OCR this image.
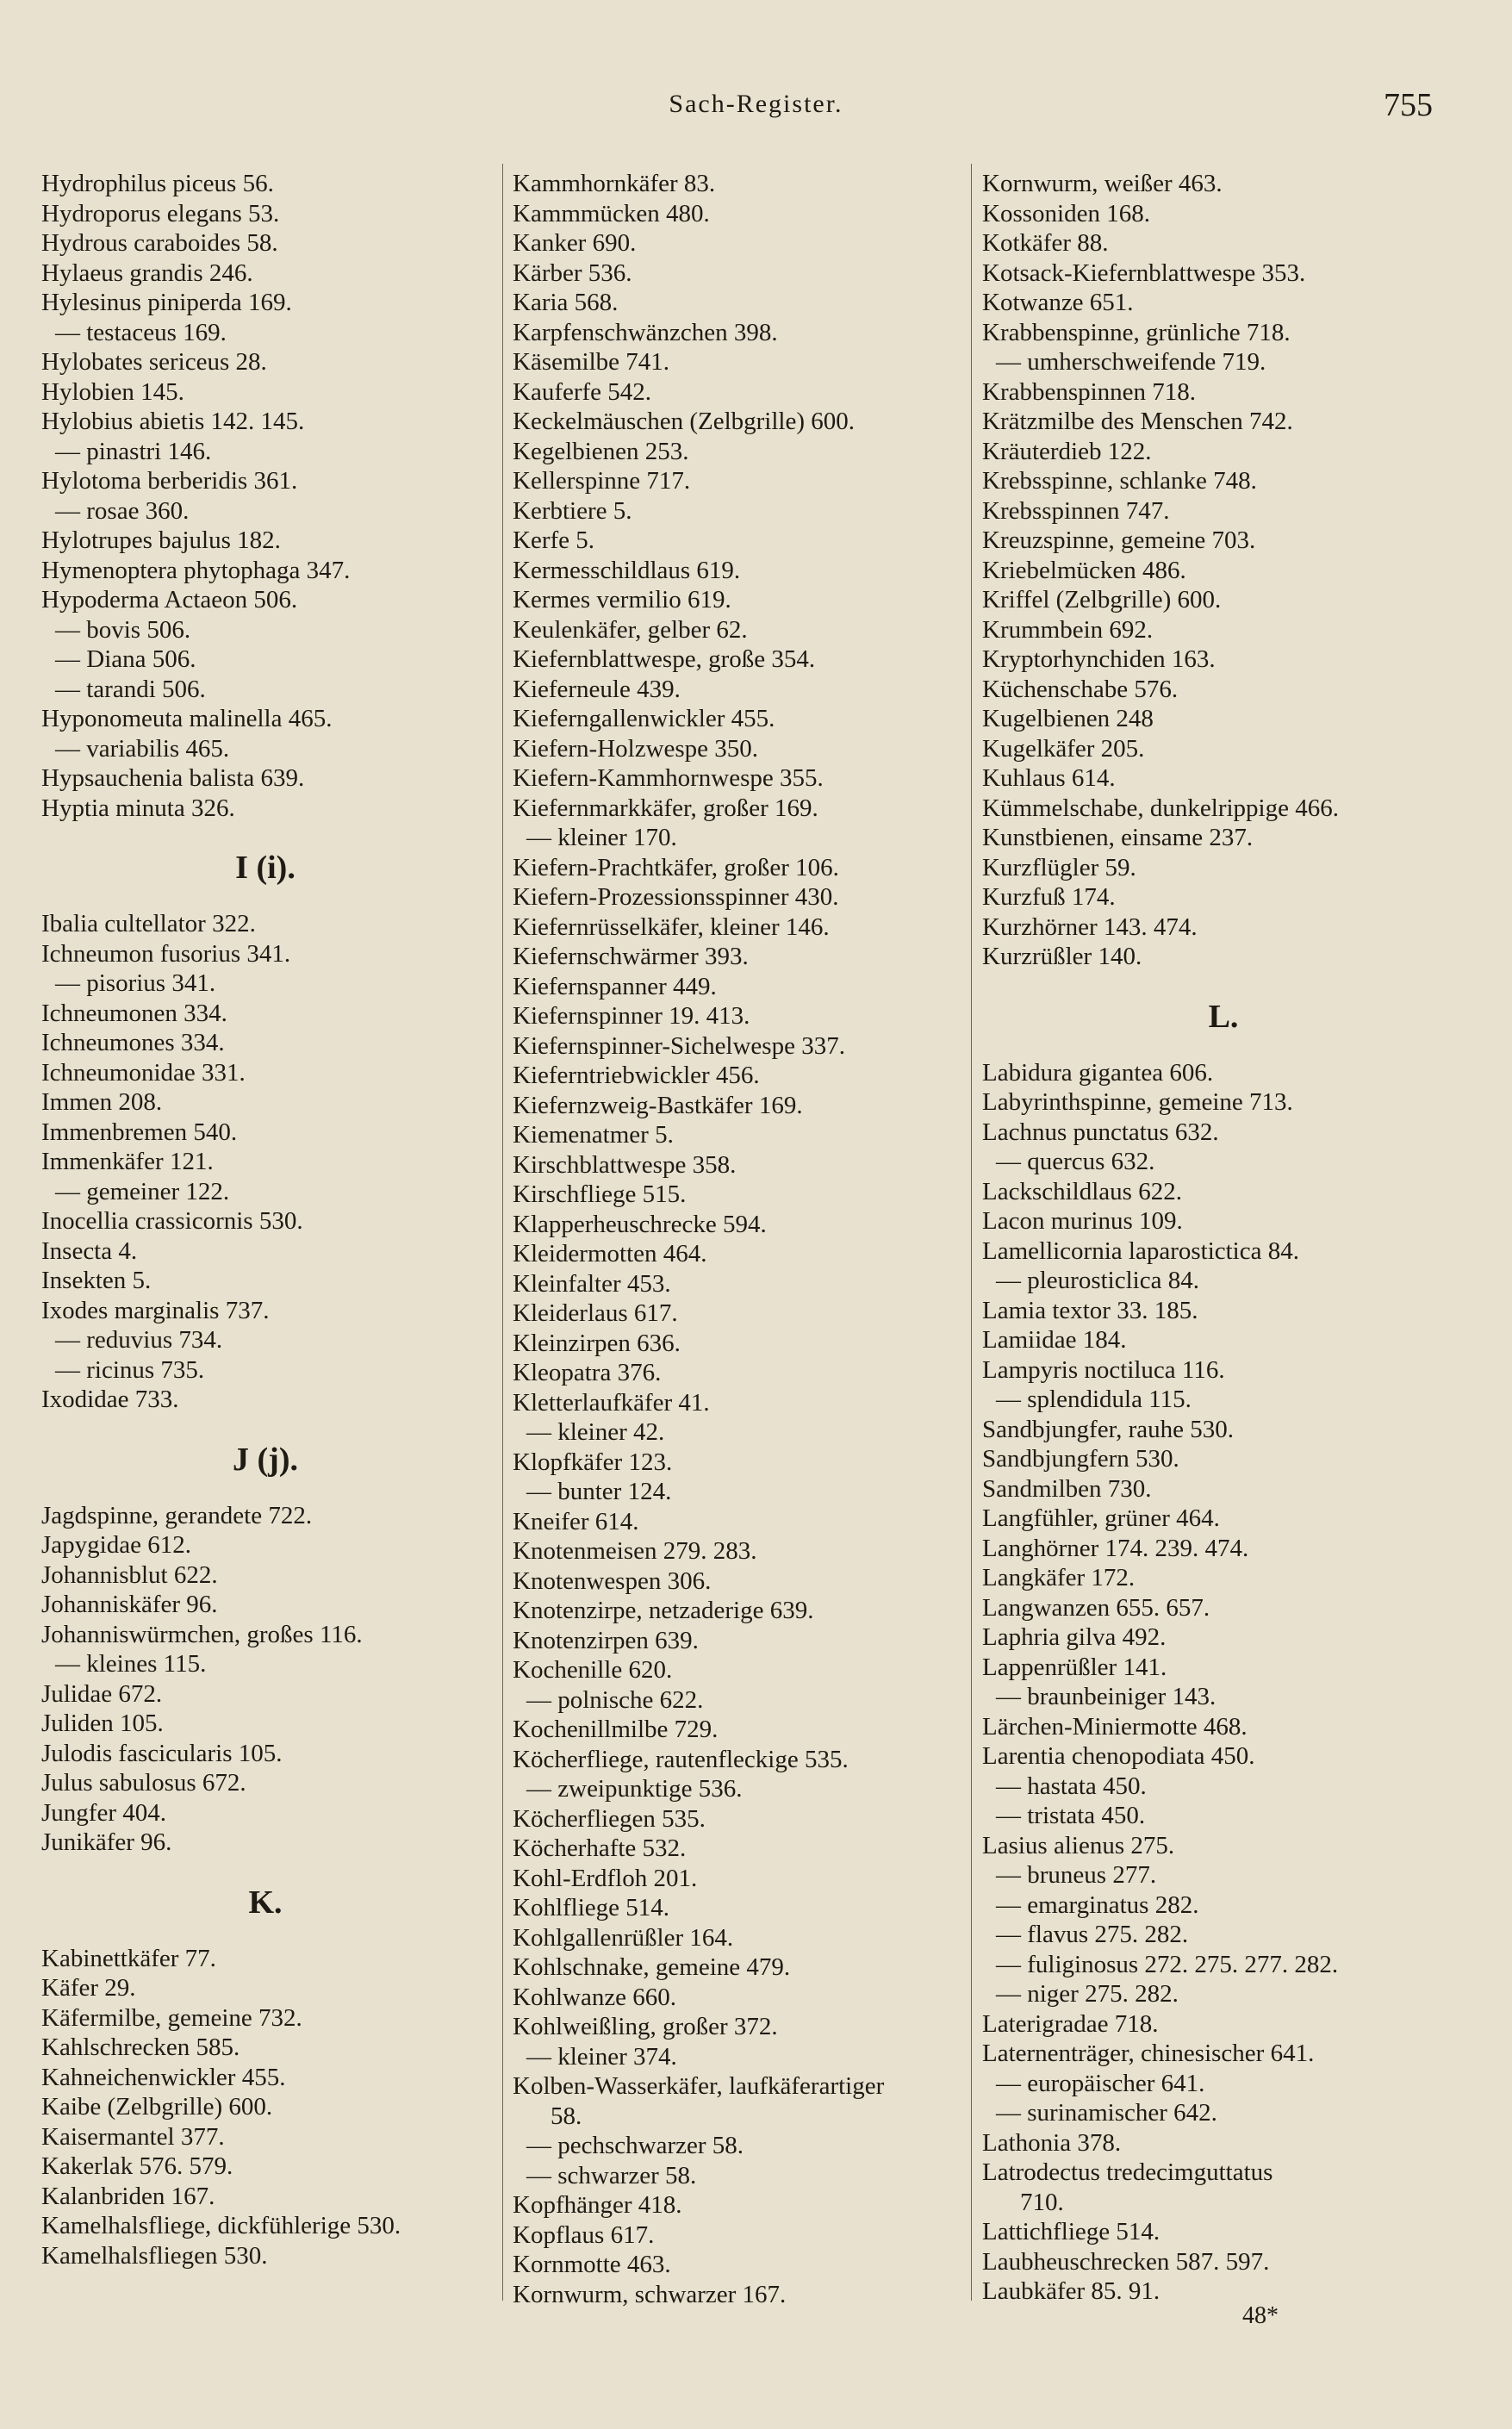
Sach-Register.	755
Hydrophilus piceus 56.
Hydroporus elegans 53.
Hydrous caraboides 58.
Hylaeus grandis 246.
Hylesinus piniperda 169.
— testaceus 169.
Hylobates sericeus 28.
Hylobien 145.
Hylobius abietis 142. 145.
— pinastri 146.
Hylotoma berberidis 361.
— rosae 360.
Hylotrupes bajulus 182.
Hymenoptera phytophaga 347.
Hypoderma Actaeon 506.
— bovis 506.
— Diana 506.
— tarandi 506.
Hyponomeuta malinella 465.
— variabilis 465.
Hypsauchenia balista 639.
Hyptia minuta 326.
I (i).
Ibalia cultellator 322.
Ichneumon fusorius 341.
— pisorius 341.
Ichneumonen 334.
Ichneumones 334.
Ichneumonidae 331.
Immen 208.
Immenbremen 540.
Immenkäfer 121.
— gemeiner 122.
Inocellia crassicornis 530.
Insecta 4.
Insekten 5.
Ixodes marginalis 737.
— reduvius 734.
— ricinus 735.
Ixodidae 733.
J (j).
Jagdspinne, gerandete 722.
Japygidae 612.
Johannisblut 622.
Johanniskäfer 96.
Johanniswürmchen, großes 116.
— kleines 115.
Julidae 672.
Juliden 105.
Julodis fascicularis 105.
Julus sabulosus 672.
Jungfer 404.
Junikäfer 96.
K.
Kabinettkäfer 77.
Käfer 29.
Käfermilbe, gemeine 732.
Kahlschrecken 585.
Kahneichenwickler 455.
Kaibe (Zelbgrille) 600.
Kaisermantel 377.
Kakerlak 576. 579.
Kalanbriden 167.
Kamelhalsfliege, dickfühlerige 530.
Kamelhalsfliegen 530.
Kammhornkäfer 83.
Kammmücken 480.
Kanker 690.
Kärber 536.
Karia 568.
Karpfenschwänzchen 398.
Käsemilbe 741.
Kauferfe 542.
Keckelmäuschen (Zelbgrille) 600.
Kegelbienen 253.
Kellerspinne 717.
Kerbtiere 5.
Kerfe 5.
Kermesschildlaus 619.
Kermes vermilio 619.
Keulenkäfer, gelber 62.
Kiefernblattwespe, große 354.
Kieferneule 439.
Kieferngallenwickler 455.
Kiefern-Holzwespe 350.
Kiefern-Kammhornwespe 355.
Kiefernmarkkäfer, großer 169.
— kleiner 170.
Kiefern-Prachtkäfer, großer 106.
Kiefern-Prozessionsspinner 430.
Kiefernrüsselkäfer, kleiner 146.
Kiefernschwärmer 393.
Kiefernspanner 449.
Kiefernspinner 19. 413.
Kiefernspinner-Sichelwespe 337.
Kieferntriebwickler 456.
Kiefernzweig-Bastkäfer 169.
Kiemenatmer 5.
Kirschblattwespe 358.
Kirschfliege 515.
Klapperheuschrecke 594.
Kleidermotten 464.
Kleinfalter 453.
Kleiderlaus 617.
Kleinzirpen 636.
Kleopatra 376.
Kletterlaufkäfer 41.
— kleiner 42.
Klopfkäfer 123.
— bunter 124.
Kneifer 614.
Knotenmeisen 279. 283.
Knotenwespen 306.
Knotenzirpe, netzaderige 639.
Knotenzirpen 639.
Kochenille 620.
— polnische 622.
Kochenillmilbe 729.
Köcherfliege, rautenfleckige 535.
— zweipunktige 536.
Köcherfliegen 535.
Köcherhafte 532.
Kohl-Erdfloh 201.
Kohlfliege 514.
Kohlgallenrüßler 164.
Kohlschnake, gemeine 479.
Kohlwanze 660.
Kohlweißling, großer 372.
— kleiner 374.
Kolben-Wasserkäfer, laufkäferartiger
58.
— pechschwarzer 58.
— schwarzer 58.
Kopfhänger 418.
Kopflaus 617.
Kornmotte 463.
Kornwurm, schwarzer 167.
Kornwurm, weißer 463.
Kossoniden 168.
Kotkäfer 88.
Kotsack-Kiefernblattwespe 353.
Kotwanze 651.
Krabbenspinne, grünliche 718.
— umherschweifende 719.
Krabbenspinnen 718.
Krätzmilbe des Menschen 742.
Kräuterdieb 122.
Krebsspinne, schlanke 748.
Krebsspinnen 747.
Kreuzspinne, gemeine 703.
Kriebelmücken 486.
Kriffel (Zelbgrille) 600.
Krummbein 692.
Kryptorhynchiden 163.
Küchenschabe 576.
Kugelbienen 248
Kugelkäfer 205.
Kuhlaus 614.
Kümmelschabe, dunkelrippige 466.
Kunstbienen, einsame 237.
Kurzflügler 59.
Kurzfuß 174.
Kurzhörner 143. 474.
Kurzrüßler 140.
L.
Labidura gigantea 606.
Labyrinthspinne, gemeine 713.
Lachnus punctatus 632.
— quercus 632.
Lackschildlaus 622.
Lacon murinus 109.
Lamellicornia laparostictica 84.
— pleurosticlica 84.
Lamia textor 33. 185.
Lamiidae 184.
Lampyris noctiluca 116.
— splendidula 115.
Sandbjungfer, rauhe 530.
Sandbjungfern 530.
Sandmilben 730.
Langfühler, grüner 464.
Langhörner 174. 239. 474.
Langkäfer 172.
Langwanzen 655. 657.
Laphria gilva 492.
Lappenrüßler 141.
— braunbeiniger 143.
Lärchen-Miniermotte 468.
Larentia chenopodiata 450.
— hastata 450.
— tristata 450.
Lasius alienus 275.
— bruneus 277.
— emarginatus 282.
— flavus 275. 282.
— fuliginosus 272. 275. 277. 282.
— niger 275. 282.
Laterigradae 718.
Laternenträger, chinesischer 641.
— europäischer 641.
— surinamischer 642.
Lathonia 378.
Latrodectus tredecimguttatus
710.
Lattichfliege 514.
Laubheuschrecken 587. 597.
Laubkäfer 85. 91.
48*
